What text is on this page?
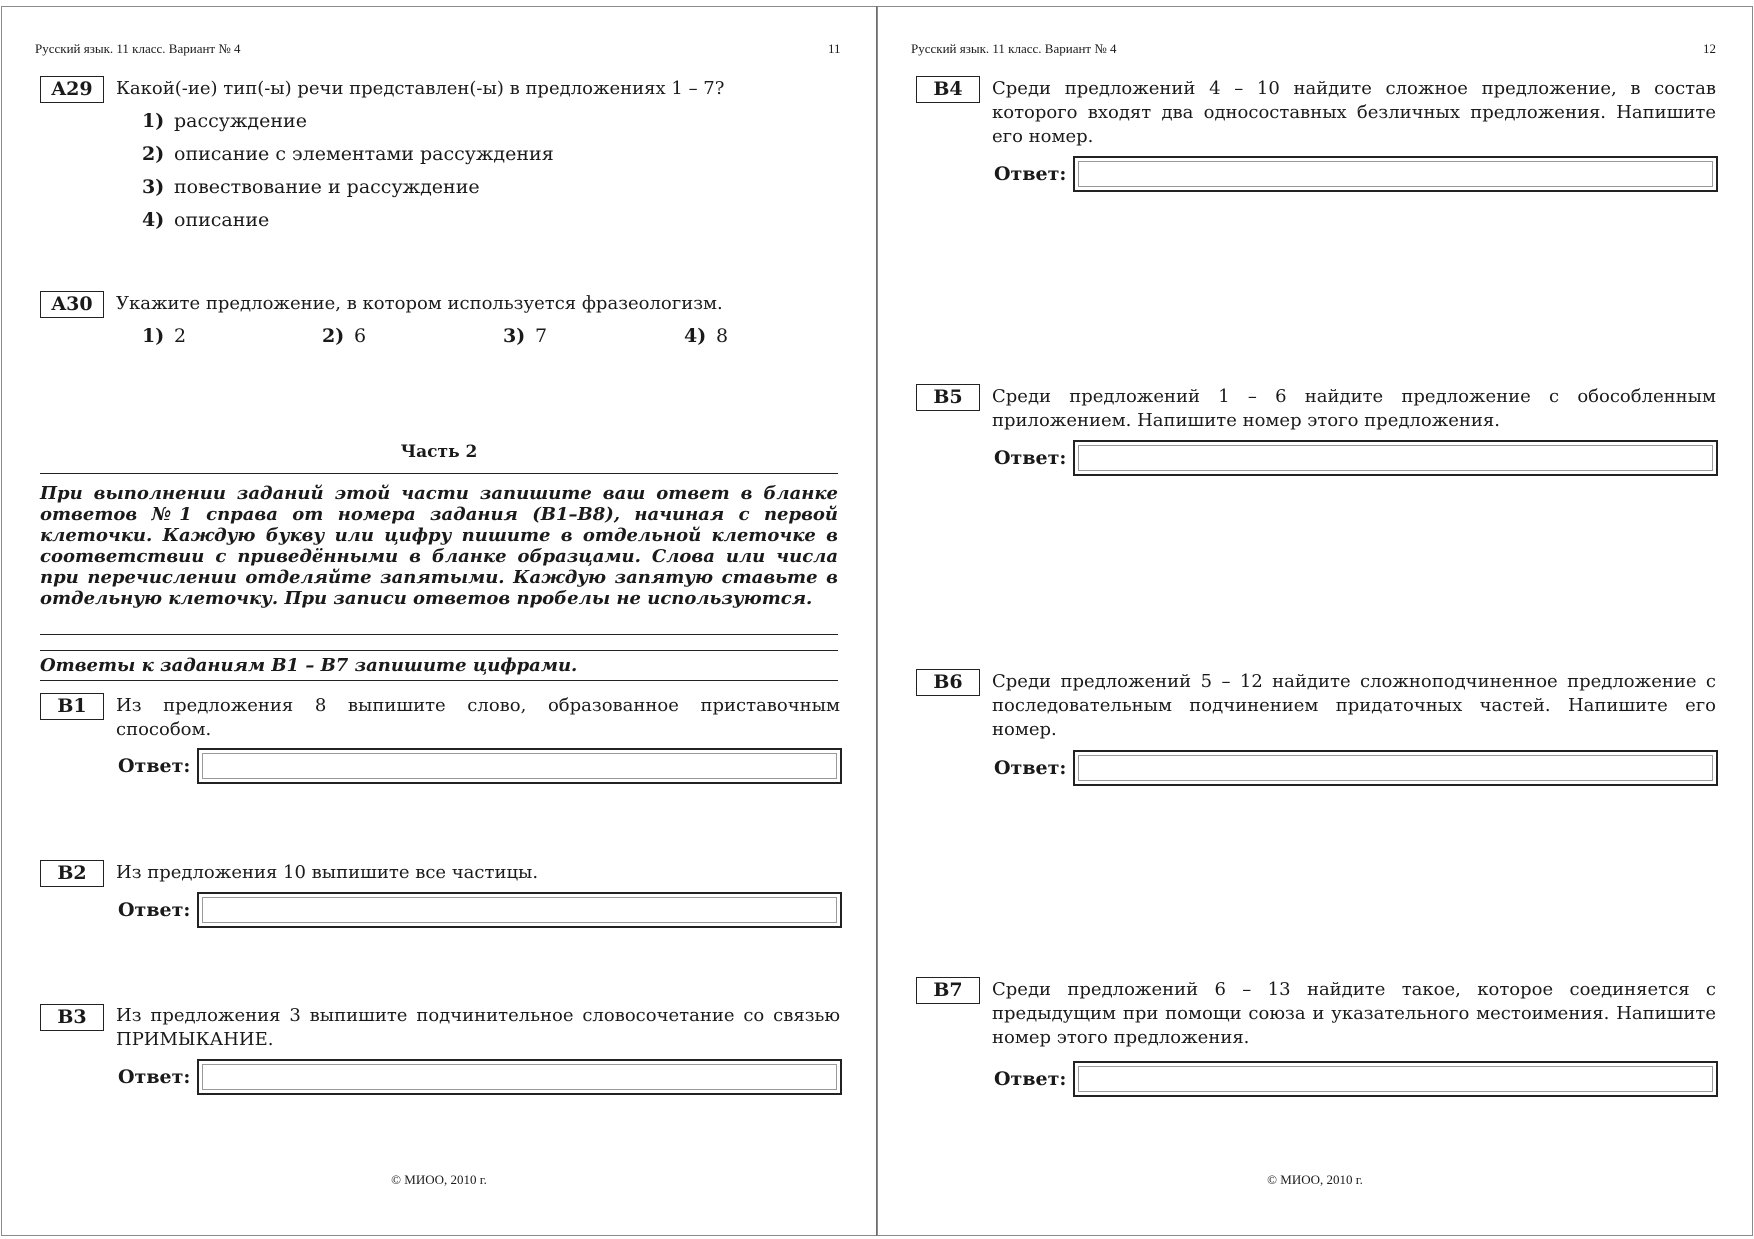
Русский язык. 11 класс. Вариант № 4	11
A29	Какой(-ие) тип(-ы) речи представлен(-ы) в предложениях 1 – 7?
1) рассуждение
2) описание с элементами рассуждения
3) повествование и рассуждение
4) описание
A30	Укажите предложение, в котором используется фразеологизм.
1) 2	2) 6	3) 7	4) 8
Часть 2
При выполнении заданий этой части запишите ваш ответ в бланке ответов №1 справа от номера задания (В1–В8), начиная с первой клеточки. Каждую букву или цифру пишите в отдельной клеточке в соответствии с приведёнными в бланке образцами. Слова или числа при перечислении отделяйте запятыми. Каждую запятую ставьте в отдельную клеточку. При записи ответов пробелы не используются.
Ответы к заданиям В1 – В7 запишите цифрами.
B1	Из предложения 8 выпишите слово, образованное приставочным способом.
Ответ:
B2	Из предложения 10 выпишите все частицы.
Ответ:
B3	Из предложения 3 выпишите подчинительное словосочетание со связью ПРИМЫКАНИЕ.
Ответ:
© МИОО, 2010 г.
Русский язык. 11 класс. Вариант № 4	12
B4	Среди предложений 4 – 10 найдите сложное предложение, в состав которого входят два односоставных безличных предложения. Напишите его номер.
Ответ:
B5	Среди предложений 1 – 6 найдите предложение с обособленным приложением. Напишите номер этого предложения.
Ответ:
B6	Среди предложений 5 – 12 найдите сложноподчиненное предложение с последовательным подчинением придаточных частей. Напишите его номер.
Ответ:
B7	Среди предложений 6 – 13 найдите такое, которое соединяется с предыдущим при помощи союза и указательного местоимения. Напишите номер этого предложения.
Ответ:
© МИОО, 2010 г.
